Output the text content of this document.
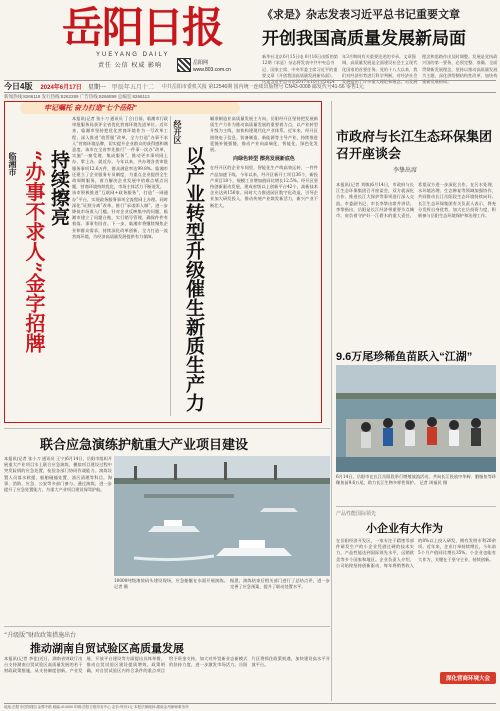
岳阳日报
YUEYANG DAILY
责任 公信 权威 影响	岳阳网
www.803.com.cn
《求是》杂志发表习近平总书记重要文章
开创我国高质量发展新局面
新华社北京6月15日电 6月16日出版的第12期《求是》杂志将发表中共中央总书记、国家主席、中央军委主席习近平的重要文章《开创我国高质量发展新局面》。这是习近平总书记2017年10月至2024年3月期间有关重要论述的节录。文章强调，高质量发展是全面建设社会主义现代化国家的首要任务。党的十八大以来，我们对经济形势进行科学判断，对经济社会发展提出了许多重大理论和理念，对发展理念和思路作出及时调整。发展是党执政兴国的第一要务，必须完整、准确、全面贯彻新发展理念，坚持以推动高质量发展为主题，深化供给侧结构性改革，加快构建新发展格局。
今日4版 2024年6月17日 星期一 甲辰年五月十二 中共岳阳市委机关报 第12546期 国内统一连续出版物号 CN43-0008 邮发代号41-56 零售1元
新闻热线:8266118 发行热线:8262289 广告热线:8266899 总编室:8266113
牢记嘱托 奋力打造"七个岳阳"
临湘市 持续擦亮
“办事不求人”金字招牌
本报讯(记者 张小刀 通讯员 丁合)日前，临湘市行政审批服务局获评全省优化营商环境先进单位。近年来，临湘市坚持把优化营商环境作为一号改革工程，深入推进“放管服”改革，全力打造“办事不求人”营商环境品牌，切实提升企业群众的获得感和满意度。该市在全省率先推行“一件事一次办”改革，实施“一窗受理、集成服务”，推动更多事项网上办、掌上办、就近办。今年以来，共办理各类审批服务事项12.6万件，群众满意率达99.8%。临湘市还建立了企业服务专员制度，为重点企业提供全生命周期服务，着力解决企业发展中的难点堵点问题，营商环境持续优化，市场主体活力不断迸发。
该市积极推进“互联网+政务服务”，打造“一网通办”平台，实现政务服务事项全流程网上办理。同时深化“证照分离”改革，推行“承诺即入制”，进一步降低市场准入门槛。针对企业反映集中的问题，临湘市建立了问题台账，实行销号管理，确保件件有着落、事事有回音。下一步，临湘市将继续聚焦企业和群众需求，持续深化改革创新，全力打造一流营商环境，为经济高质量发展提供有力保障。
经开区
以产业转型升级催生新质生产力
瞄准制造业高质量发展主方向，岳阳经开区坚持把发展新质生产力作为推动高质量发展的重要着力点，以产业转型升级为主线，加快构建现代化产业体系。近年来，经开区围绕电子信息、装备制造、新能源等主导产业，持续推进延链补链强链，推动产业向高端化、智能化、绿色化发展。
向绿色转型 擦亮发展新底色
在经开区的企业车间里，智能化生产线高效运转，一件件产品加速下线。今年以来，经开区新开工项目36个，新投产项目18个，规模工业增加值同比增长12.5%。经开区坚持创新驱动发展，建成省级以上创新平台42个，高新技术企业达到156家。同时大力推进园区数字化改造，引导企业加大研发投入，推动传统产业焕发新活力，新兴产业不断壮大。
市政府与长江生态环保集团召开座谈会
李挚出席
本报讯(记者 刘敏)6月14日，市政府与长江生态环保集团召开座谈会，双方就深化合作、推进长江大保护等事项进行深入交流。市委副书记、市长李挚出席并讲话。李挚指出，岳阳是长江经济带重要节点城市，肩负着守护好一江碧水的重大责任。希望双方进一步深化合作，在污水处理、水环境治理、生态修复等领域加强协作，共同推动长江岳阳段生态环境持续向好。长江生态环保集团有关负责人表示，将充分发挥自身优势，加大在岳投资力度，积极参与岳阳生态环境保护和治理工作。
9.6万尾珍稀鱼苗跃入“江湖”
6月14日，岳阳市在长江岳阳段举行增殖放流活动，共向长江投放中华鲟、胭脂鱼等珍稀鱼苗9.6万尾，助力长江生物多样性保护。 记者 周福民 摄
联合应急演练护航重大产业项目建设
本报讯(记者 张小刀 通讯员 王宁)6月14日，岳阳市组织开展重大产业项目水上联合应急演练，模拟项目建设过程中突发险情的应急处置，检验各部门协同作战能力。演练设置人员落水救援、船舶碰撞处置、油污清理等科目，海事、消防、应急、公安等多部门参与。通过演练，进一步提升了应急处置能力，为重大产业项目建设保驾护航。
10000吨级滚装码头建设现场，应急船艇在水面开展演练。 记者 摄
据悉，演练结束后相关部门进行了总结点评，进一步完善了应急预案，提升了联动处置水平。
“升级版”财政政策措施出台
推动湖南自贸试验区高质量发展
本报讯(记者 李佳)近日，湖南省财政厅出台支持湖南自贸试验区高质量发展的若干财政政策措施，从支持制度创新、产业发展、开放平台建设等方面提出具体举措，推动自贸试验区建设提质增效。政策明确，对自贸试验区内符合条件的重点项目给予资金支持，加大对外贸新业态新模式的扶持力度，进一步激发市场活力。岳阳片区将抓住政策机遇，加快建设高水平开放平台。
产品性能国际领先
小企业有大作为
在岳阳经济开发区，一家专注于精密零部件研发生产的小企业凭借过硬的技术实力，产品性能达到国际领先水平，远销欧美等多个国家和地区。企业负责人介绍，公司始终坚持创新驱动，每年将销售收入的8%以上投入研发，拥有发明专利20余项。近年来，企业订单持续增长，今年前5个月产值同比增长35%。小企业也能有大作为，关键在于坚守主业、持续创新。
深化营商环境大会
地址:岳阳市岳阳楼区金鹗中路 邮编:414000 印刷:岳阳日报印务中心 定价:每份1元 本报法律顾问:湖南金州律师事务所
